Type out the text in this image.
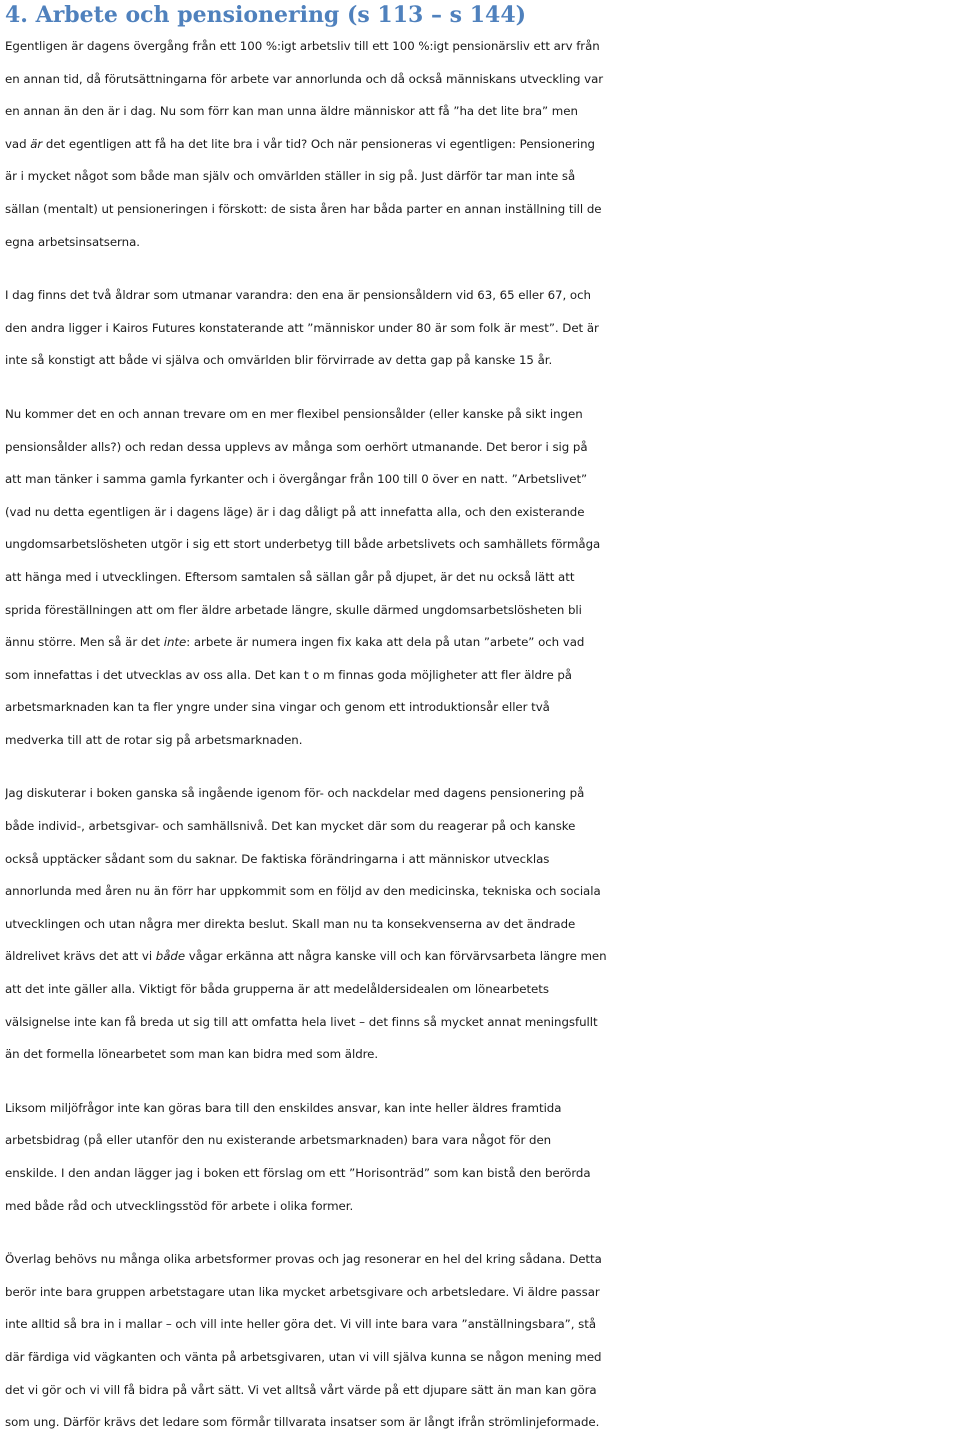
4. Arbete och pensionering (s 113 – s 144)

Egentligen är dagens övergång från ett 100 %:igt arbetsliv till ett 100 %:igt pensionärsliv ett arv från
en annan tid, då förutsättningarna för arbete var annorlunda och då också människans utveckling var
en annan än den är i dag. Nu som förr kan man unna äldre människor att få ”ha det lite bra” men
vad är det egentligen att få ha det lite bra i vår tid? Och när pensioneras vi egentligen: Pensionering
är i mycket något som både man själv och omvärlden ställer in sig på. Just därför tar man inte så
sällan (mentalt) ut pensioneringen i förskott: de sista åren har båda parter en annan inställning till de
egna arbetsinsatserna.

I dag finns det två åldrar som utmanar varandra: den ena är pensionsåldern vid 63, 65 eller 67, och
den andra ligger i Kairos Futures konstaterande att ”människor under 80 är som folk är mest”. Det är
inte så konstigt att både vi själva och omvärlden blir förvirrade av detta gap på kanske 15 år.

Nu kommer det en och annan trevare om en mer flexibel pensionsålder (eller kanske på sikt ingen
pensionsålder alls?) och redan dessa upplevs av många som oerhört utmanande. Det beror i sig på
att man tänker i samma gamla fyrkanter och i övergångar från 100 till 0 över en natt. ”Arbetslivet”
(vad nu detta egentligen är i dagens läge) är i dag dåligt på att innefatta alla, och den existerande
ungdomsarbetslösheten utgör i sig ett stort underbetyg till både arbetslivets och samhällets förmåga
att hänga med i utvecklingen. Eftersom samtalen så sällan går på djupet, är det nu också lätt att
sprida föreställningen att om fler äldre arbetade längre, skulle därmed ungdomsarbetslösheten bli
ännu större. Men så är det inte: arbete är numera ingen fix kaka att dela på utan ”arbete” och vad
som innefattas i det utvecklas av oss alla. Det kan t o m finnas goda möjligheter att fler äldre på
arbetsmarknaden kan ta fler yngre under sina vingar och genom ett introduktionsår eller två
medverka till att de rotar sig på arbetsmarknaden.

Jag diskuterar i boken ganska så ingående igenom för- och nackdelar med dagens pensionering på
både individ-, arbetsgivar- och samhällsnivå. Det kan mycket där som du reagerar på och kanske
också upptäcker sådant som du saknar. De faktiska förändringarna i att människor utvecklas
annorlunda med åren nu än förr har uppkommit som en följd av den medicinska, tekniska och sociala
utvecklingen och utan några mer direkta beslut. Skall man nu ta konsekvenserna av det ändrade
äldrelivet krävs det att vi både vågar erkänna att några kanske vill och kan förvärvsarbeta längre men
att det inte gäller alla. Viktigt för båda grupperna är att medelåldersidealen om lönearbetets
välsignelse inte kan få breda ut sig till att omfatta hela livet – det finns så mycket annat meningsfullt
än det formella lönearbetet som man kan bidra med som äldre.

Liksom miljöfrågor inte kan göras bara till den enskildes ansvar, kan inte heller äldres framtida
arbetsbidrag (på eller utanför den nu existerande arbetsmarknaden) bara vara något för den
enskilde. I den andan lägger jag i boken ett förslag om ett ”Horisonträd” som kan bistå den berörda
med både råd och utvecklingsstöd för arbete i olika former.

Överlag behövs nu många olika arbetsformer provas och jag resonerar en hel del kring sådana. Detta
berör inte bara gruppen arbetstagare utan lika mycket arbetsgivare och arbetsledare. Vi äldre passar
inte alltid så bra in i mallar – och vill inte heller göra det. Vi vill inte bara vara ”anställningsbara”, stå
där färdiga vid vägkanten och vänta på arbetsgivaren, utan vi vill själva kunna se någon mening med
det vi gör och vi vill få bidra på vårt sätt. Vi vet alltså vårt värde på ett djupare sätt än man kan göra
som ung. Därför krävs det ledare som förmår tillvarata insatser som är långt ifrån strömlinjeformade.
